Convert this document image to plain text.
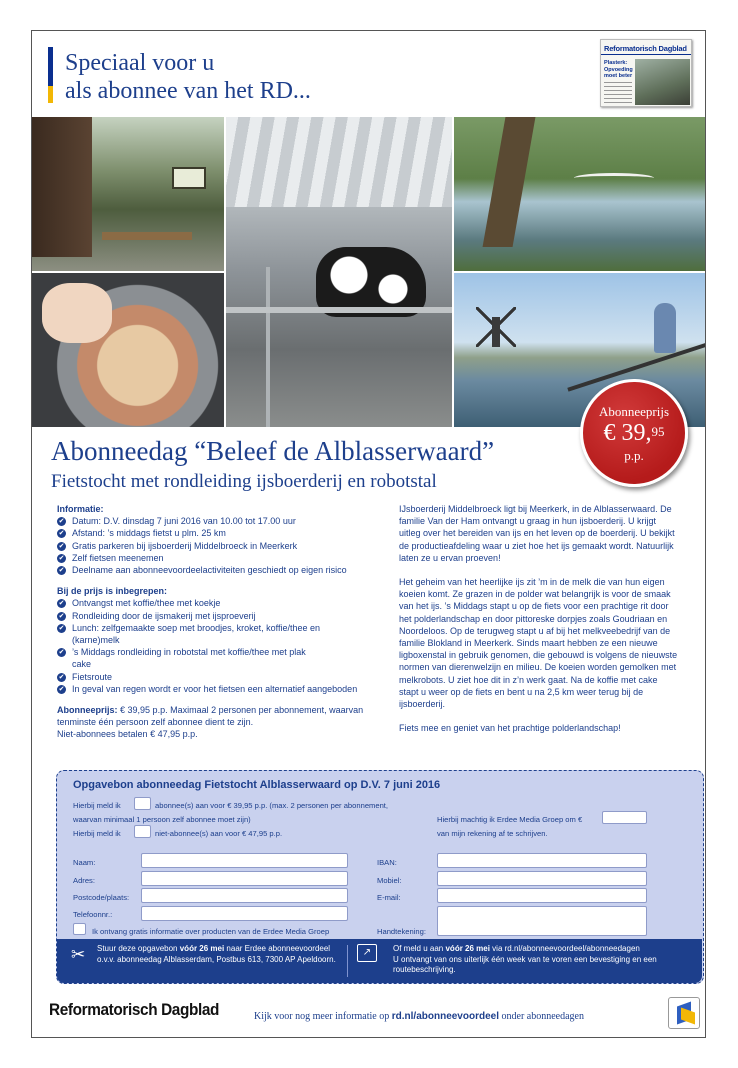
Speciaal voor u
als abonnee van het RD...
Reformatorisch Dagblad
Plasterk: Opvoeding moet beter
Abonneeprijs
€ 39,95
p.p.
Abonneedag “Beleef de Alblasserwaard”
Fietstocht met rondleiding ijsboerderij en robotstal
Informatie:
✔ Datum: D.V. dinsdag 7 juni 2016 van 10.00 tot 17.00 uur
✔ Afstand: ’s middags fietst u plm. 25 km
✔ Gratis parkeren bij ijsboerderij Middelbroeck in Meerkerk
✔ Zelf fietsen meenemen
✔ Deelname aan abonneevoordeelactiviteiten geschiedt op eigen risico
Bij de prijs is inbegrepen:
✔ Ontvangst met koffie/thee met koekje
✔ Rondleiding door de ijsmakerij met ijsproeverij
✔ Lunch: zelfgemaakte soep met broodjes, kroket, koffie/thee en (karne)melk
✔ ’s Middags rondleiding in robotstal met koffie/thee met plak cake
✔ Fietsroute
✔ In geval van regen wordt er voor het fietsen een alternatief aangeboden
Abonneeprijs: € 39,95 p.p. Maximaal 2 personen per abonnement, waarvan tenminste één persoon zelf abonnee dient te zijn.
Niet-abonnees betalen € 47,95 p.p.

IJsboerderij Middelbroeck ligt bij Meerkerk, in de Alblasserwaard. De familie Van der Ham ontvangt u graag in hun ijsboerderij. U krijgt uitleg over het bereiden van ijs en het leven op de boerderij. U bekijkt de productieafdeling waar u ziet hoe het ijs gemaakt wordt. Natuurlijk laten ze u ervan proeven!

Het geheim van het heerlijke ijs zit ’m in de melk die van hun eigen koeien komt. Ze grazen in de polder wat belangrijk is voor de smaak van het ijs. ’s Middags stapt u op de fiets voor een prachtige rit door het polderlandschap en door pittoreske dorpjes zoals Goudriaan en Noordeloos. Op de terugweg stapt u af bij het melkveebedrijf van de familie Blokland in Meerkerk. Sinds maart hebben ze een nieuwe ligboxenstal in gebruik genomen, die gebouwd is volgens de nieuwste normen van dierenwelzijn en milieu. De koeien worden gemolken met melkrobots. U ziet hoe dit in z’n werk gaat. Na de koffie met cake stapt u weer op de fiets en bent u na 2,5 km weer terug bij de ijsboerderij.

Fiets mee en geniet van het prachtige polderlandschap!

Opgavebon abonneedag Fietstocht Alblasserwaard op D.V. 7 juni 2016
Hierbij meld ik	abonnee(s) aan voor € 39,95 p.p. (max. 2 personen per abonnement,
waarvan minimaal 1 persoon zelf abonnee moet zijn)
Hierbij meld ik	niet-abonnee(s) aan voor € 47,95 p.p.
Hierbij machtig ik Erdee Media Groep om €
van mijn rekening af te schrijven.
Naam:
Adres:
Postcode/plaats:
Telefoonnr.:
IBAN:
Mobiel:
E-mail:
Handtekening:
Ik ontvang gratis informatie over producten van de Erdee Media Groep
✂	Stuur deze opgavebon vóór 26 mei naar Erdee abonneevoordeel o.v.v. abonneedag Alblasserdam, Postbus 613, 7300 AP Apeldoorn.
↗	Of meld u aan vóór 26 mei via rd.nl/abonneevoordeel/abonneedagen
U ontvangt van ons uiterlijk één week van te voren een bevestiging en een routebeschrijving.
Reformatorisch Dagblad	Kijk voor nog meer informatie op rd.nl/abonneevoordeel onder abonneedagen
